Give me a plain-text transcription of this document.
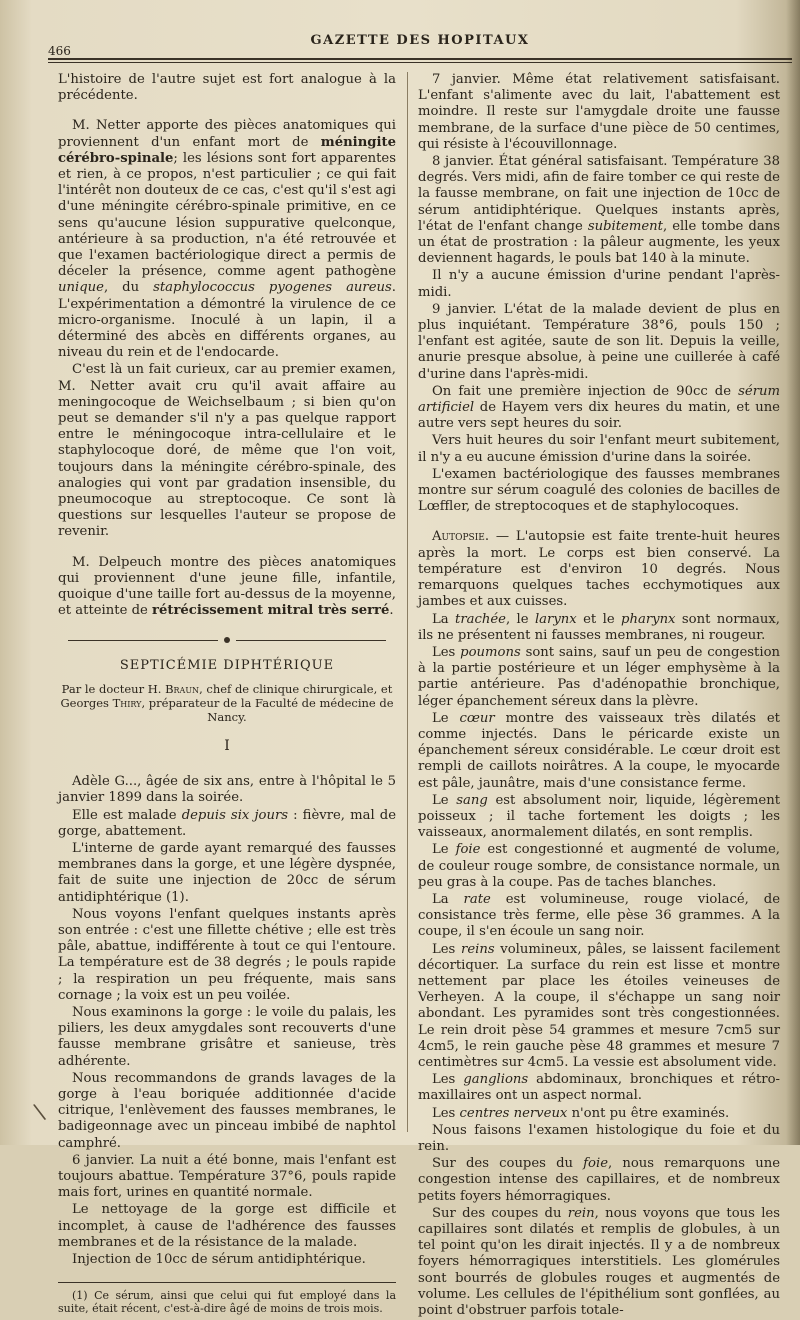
466
GAZETTE DES HOPITAUX

L'histoire de l'autre sujet est fort analogue à la précédente.

M. Netter apporte des pièces anatomiques qui proviennent d'un enfant mort de méningite cérébro-spinale; les lésions sont fort apparentes et rien, à ce propos, n'est particulier ; ce qui fait l'intérêt non douteux de ce cas, c'est qu'il s'est agi d'une méningite cérébro-spinale primitive, en ce sens qu'aucune lésion suppurative quelconque, antérieure à sa production, n'a été retrouvée et que l'examen bactériologique direct a permis de déceler la présence, comme agent pathogène unique, du staphylococcus pyogenes aureus. L'expérimentation a démontré la virulence de ce micro-organisme. Inoculé à un lapin, il a déterminé des abcès en différents organes, au niveau du rein et de l'endocarde.

C'est là un fait curieux, car au premier examen, M. Netter avait cru qu'il avait affaire au meningocoque de Weichselbaum ; si bien qu'on peut se demander s'il n'y a pas quelque rapport entre le méningocoque intra-cellulaire et le staphylocoque doré, de même que l'on voit, toujours dans la méningite cérébro-spinale, des analogies qui vont par gradation insensible, du pneumocoque au streptocoque. Ce sont là questions sur lesquelles l'auteur se propose de revenir.

M. Delpeuch montre des pièces anatomiques qui proviennent d'une jeune fille, infantile, quoique d'une taille fort au-dessus de la moyenne, et atteinte de rétrécissement mitral très serré.

SEPTICÉMIE DIPHTÉRIQUE

Par le docteur H. Braun, chef de clinique chirurgicale, et Georges Thiry, préparateur de la Faculté de médecine de Nancy.

I

Adèle G..., âgée de six ans, entre à l'hôpital le 5 janvier 1899 dans la soirée.

Elle est malade depuis six jours : fièvre, mal de gorge, abattement.

L'interne de garde ayant remarqué des fausses membranes dans la gorge, et une légère dyspnée, fait de suite une injection de 20cc de sérum antidiphtérique (1).

Nous voyons l'enfant quelques instants après son entrée : c'est une fillette chétive ; elle est très pâle, abattue, indifférente à tout ce qui l'entoure. La température est de 38 degrés ; le pouls rapide ; la respiration un peu fréquente, mais sans cornage ; la voix est un peu voilée.

Nous examinons la gorge : le voile du palais, les piliers, les deux amygdales sont recouverts d'une fausse membrane grisâtre et sanieuse, très adhérente.

Nous recommandons de grands lavages de la gorge à l'eau boriquée additionnée d'acide citrique, l'enlèvement des fausses membranes, le badigeonnage avec un pinceau imbibé de naphtol camphré.

6 janvier. La nuit a été bonne, mais l'enfant est toujours abattue. Température 37°6, pouls rapide mais fort, urines en quantité normale.

Le nettoyage de la gorge est difficile et incomplet, à cause de l'adhérence des fausses membranes et de la résistance de la malade.

Injection de 10cc de sérum antidiphtérique.

(1) Ce sérum, ainsi que celui qui fut employé dans la suite, était récent, c'est-à-dire âgé de moins de trois mois.

7 janvier. Même état relativement satisfaisant. L'enfant s'alimente avec du lait, l'abattement est moindre. Il reste sur l'amygdale droite une fausse membrane, de la surface d'une pièce de 50 centimes, qui résiste à l'écouvillonnage.

8 janvier. État général satisfaisant. Température 38 degrés. Vers midi, afin de faire tomber ce qui reste de la fausse membrane, on fait une injection de 10cc de sérum antidiphtérique. Quelques instants après, l'état de l'enfant change subitement, elle tombe dans un état de prostration : la pâleur augmente, les yeux deviennent hagards, le pouls bat 140 à la minute.

Il n'y a aucune émission d'urine pendant l'après-midi.

9 janvier. L'état de la malade devient de plus en plus inquiétant. Température 38°6, pouls 150 ; l'enfant est agitée, saute de son lit. Depuis la veille, anurie presque absolue, à peine une cuillerée à café d'urine dans l'après-midi.

On fait une première injection de 90cc de sérum artificiel de Hayem vers dix heures du matin, et une autre vers sept heures du soir.

Vers huit heures du soir l'enfant meurt subitement, il n'y a eu aucune émission d'urine dans la soirée.

L'examen bactériologique des fausses membranes montre sur sérum coagulé des colonies de bacilles de Lœffler, de streptocoques et de staphylocoques.

Autopsie. — L'autopsie est faite trente-huit heures après la mort. Le corps est bien conservé. La température est d'environ 10 degrés. Nous remarquons quelques taches ecchymotiques aux jambes et aux cuisses.

La trachée, le larynx et le pharynx sont normaux, ils ne présentent ni fausses membranes, ni rougeur.

Les poumons sont sains, sauf un peu de congestion à la partie postérieure et un léger emphysème à la partie antérieure. Pas d'adénopathie bronchique, léger épanchement séreux dans la plèvre.

Le cœur montre des vaisseaux très dilatés et comme injectés. Dans le péricarde existe un épanchement séreux considérable. Le cœur droit est rempli de caillots noirâtres. A la coupe, le myocarde est pâle, jaunâtre, mais d'une consistance ferme.

Le sang est absolument noir, liquide, légèrement poisseux ; il tache fortement les doigts ; les vaisseaux, anormalement dilatés, en sont remplis.

Le foie est congestionné et augmenté de volume, de couleur rouge sombre, de consistance normale, un peu gras à la coupe. Pas de taches blanches.

La rate est volumineuse, rouge violacé, de consistance très ferme, elle pèse 36 grammes. A la coupe, il s'en écoule un sang noir.

Les reins volumineux, pâles, se laissent facilement décortiquer. La surface du rein est lisse et montre nettement par place les étoiles veineuses de Verheyen. A la coupe, il s'échappe un sang noir abondant. Les pyramides sont très congestionnées. Le rein droit pèse 54 grammes et mesure 7cm5 sur 4cm5, le rein gauche pèse 48 grammes et mesure 7 centimètres sur 4cm5. La vessie est absolument vide.

Les ganglions abdominaux, bronchiques et rétro-maxillaires ont un aspect normal.

Les centres nerveux n'ont pu être examinés.

Nous faisons l'examen histologique du foie et du rein.

Sur des coupes du foie, nous remarquons une congestion intense des capillaires, et de nombreux petits foyers hémorragiques.

Sur des coupes du rein, nous voyons que tous les capillaires sont dilatés et remplis de globules, à un tel point qu'on les dirait injectés. Il y a de nombreux foyers hémorragiques interstitiels. Les glomérules sont bourrés de globules rouges et augmentés de volume. Les cellules de l'épithélium sont gonflées, au point d'obstruer parfois totale-

\
